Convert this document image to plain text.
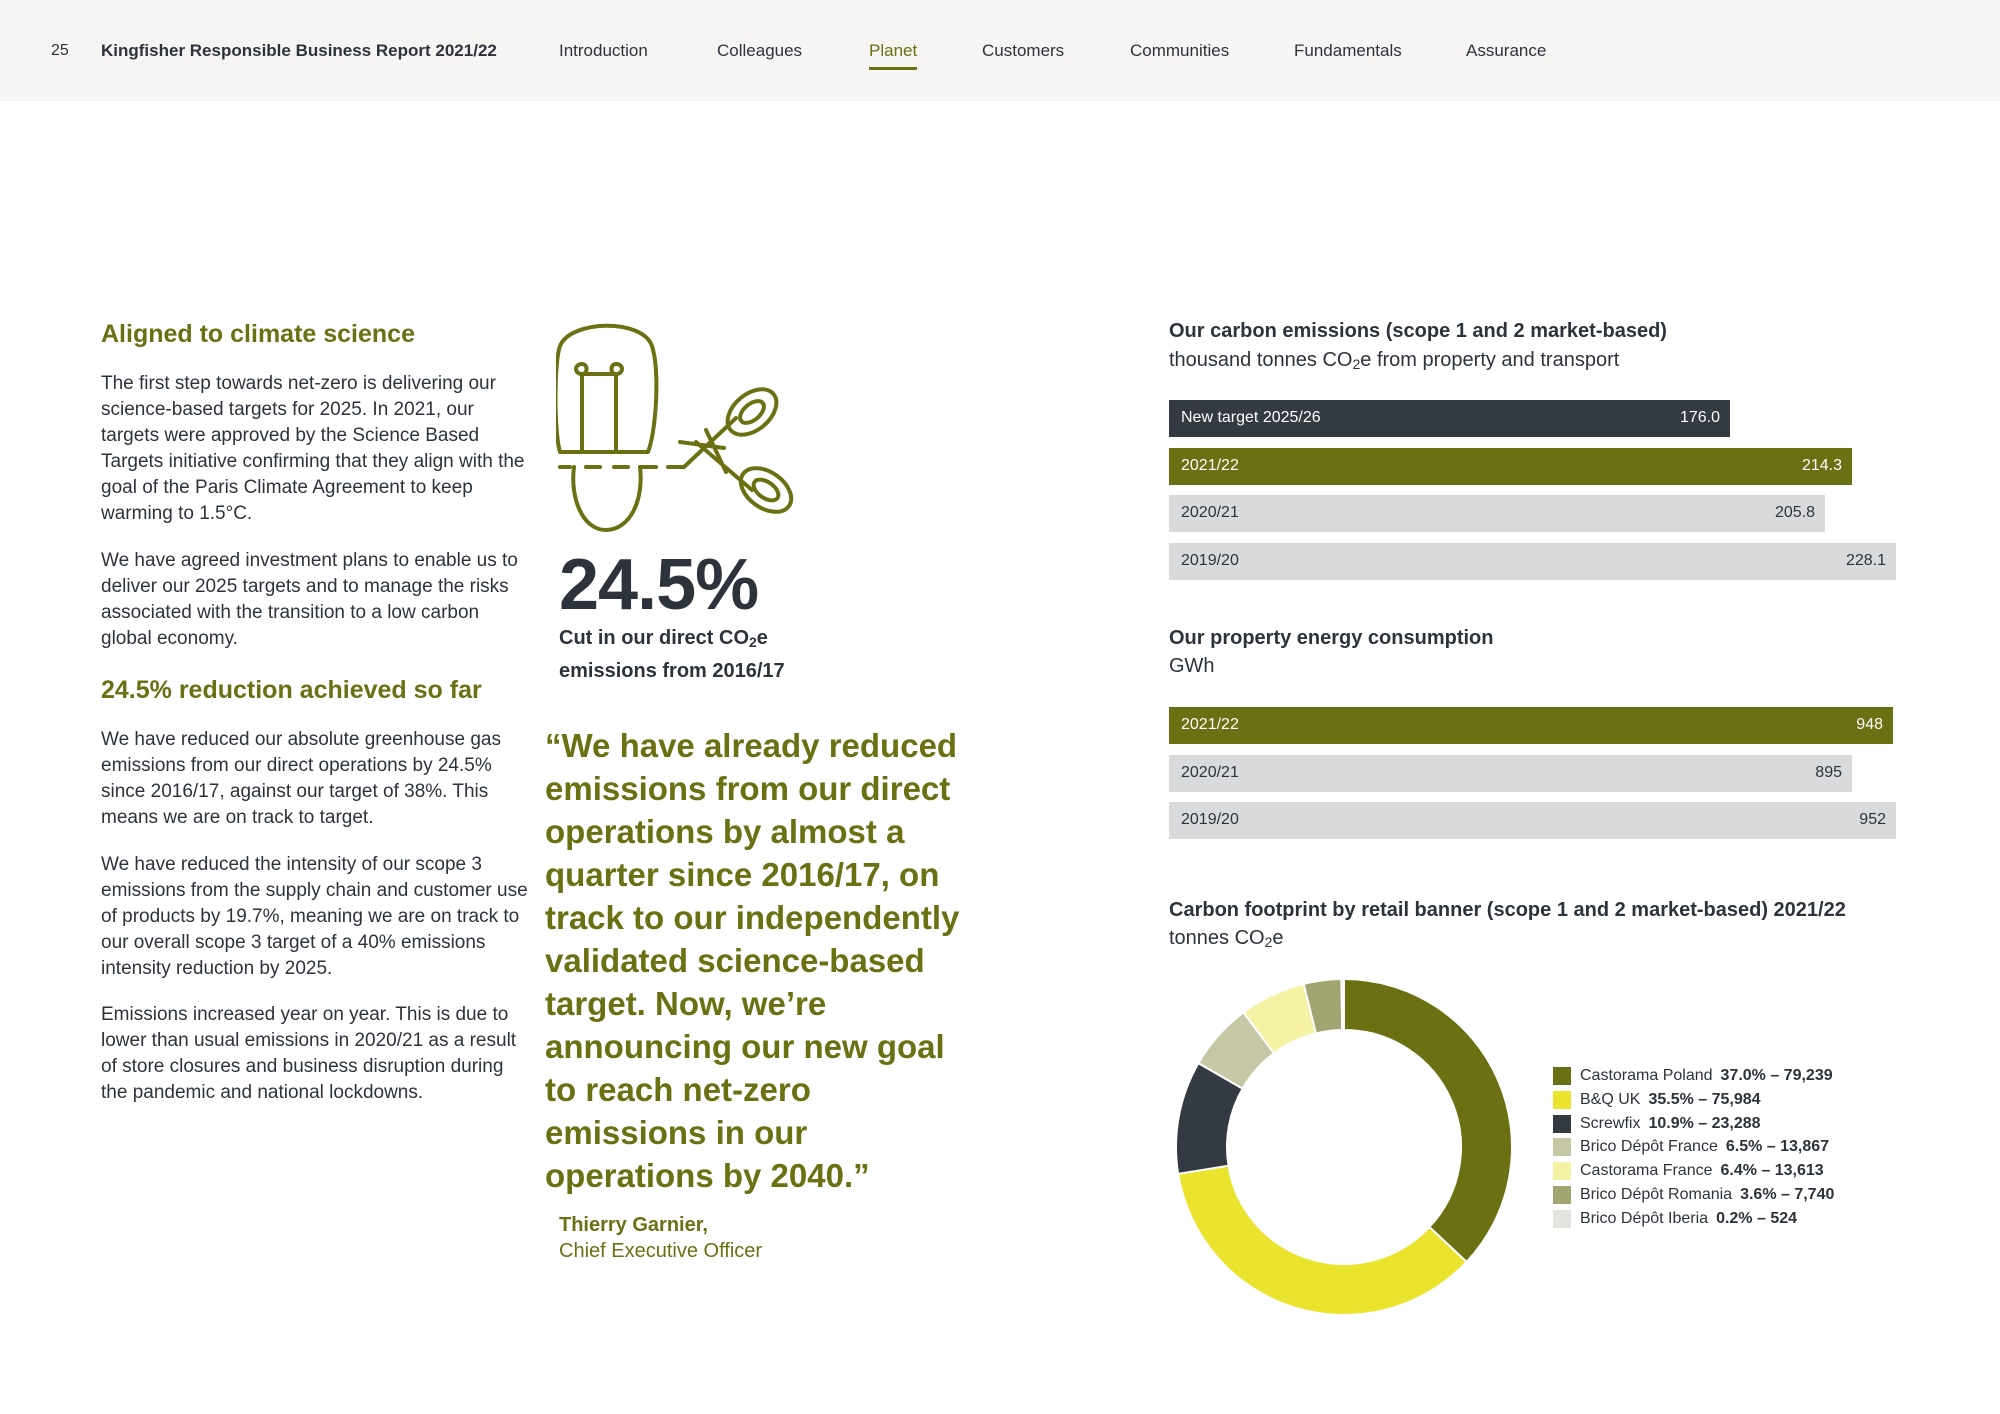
25 Kingfisher Responsible Business Report 2021/22	Introduction	Colleagues	Planet	Customers	Communities	Fundamentals	Assurance
Aligned to climate science

The first step towards net-zero is delivering our science-based targets for 2025. In 2021, our targets were approved by the Science Based Targets initiative confirming that they align with the goal of the Paris Climate Agreement to keep warming to 1.5°C.

We have agreed investment plans to enable us to deliver our 2025 targets and to manage the risks associated with the transition to a low carbon global economy.

24.5% reduction achieved so far

We have reduced our absolute greenhouse gas emissions from our direct operations by 24.5% since 2016/17, against our target of 38%. This means we are on track to target.

We have reduced the intensity of our scope 3 emissions from the supply chain and customer use of products by 19.7%, meaning we are on track to our overall scope 3 target of a 40% emissions intensity reduction by 2025.

Emissions increased year on year. This is due to lower than usual emissions in 2020/21 as a result of store closures and business disruption during the pandemic and national lockdowns.

24.5%
Cut in our direct $CO_2e$ emissions from 2016/17
“We have already reduced emissions from our direct operations by almost a quarter since 2016/17, on track to our independently validated science-based target. Now, we’re announcing our new goal to reach net-zero emissions in our operations by 2040.”
Thierry Garnier,
Chief Executive Officer
Our carbon emissions (scope 1 and 2 market-based)
thousand tonnes $CO_2e$ from property and transport
New target 2025/26	176.0
2021/22	214.3
2020/21	205.8
2019/20	228.1
Our property energy consumption
GWh
2021/22	948
2020/21	895
2019/20	952
Carbon footprint by retail banner (scope 1 and 2 market-based) 2021/22
tonnes $CO_2e$
Castorama Poland 37.0% – 79,239
B&Q UK 35.5% – 75,984
Screwfix 10.9% – 23,288
Brico Dépôt France 6.5% – 13,867
Castorama France 6.4% – 13,613
Brico Dépôt Romania 3.6% – 7,740
Brico Dépôt Iberia 0.2% – 524
